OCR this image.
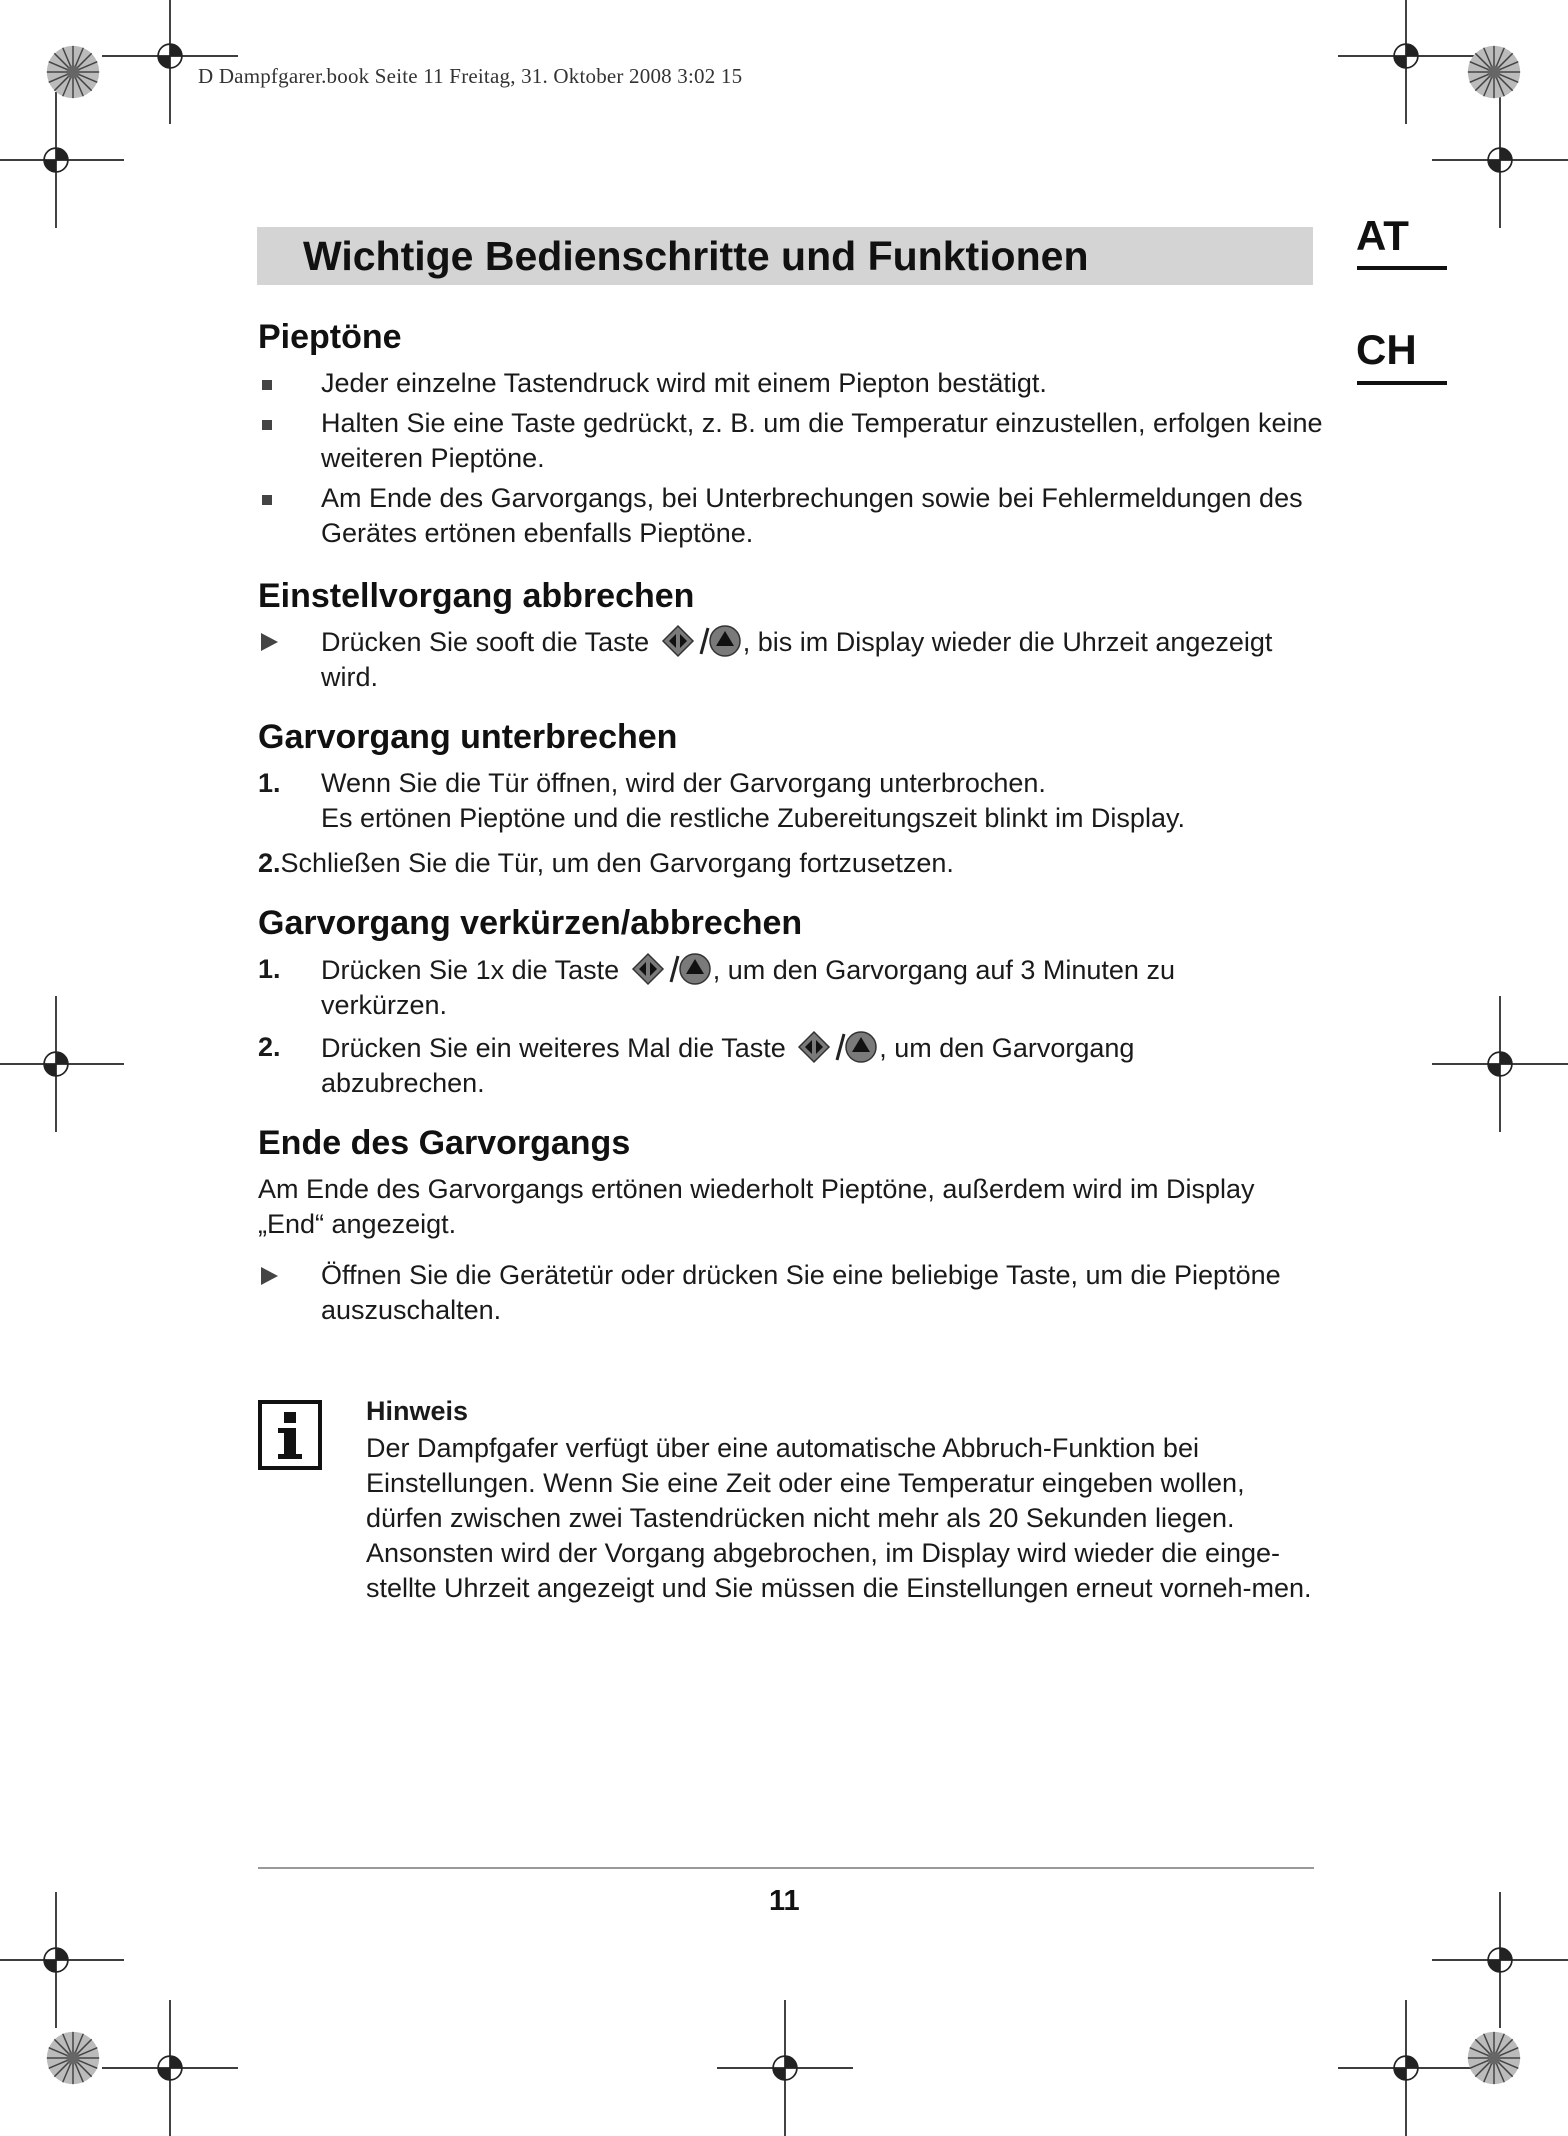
D Dampfgarer.book Seite 11 Freitag, 31. Oktober 2008 3:02 15
Wichtige Bedienschritte und Funktionen	AT
CH
Pieptöne
Jeder einzelne Tastendruck wird mit einem Piepton bestätigt.
Halten Sie eine Taste gedrückt, z. B. um die Temperatur einzustellen, erfolgen keine weiteren Pieptöne.
Am Ende des Garvorgangs, bei Unterbrechungen sowie bei Fehlermeldungen des Gerätes ertönen ebenfalls Pieptöne.
Einstellvorgang abbrechen
Drücken Sie sooft die Taste	, bis im Display wieder die Uhrzeit angezeigt wird.
Garvorgang unterbrechen
1. Wenn Sie die Tür öffnen, wird der Garvorgang unterbrochen.
Es ertönen Pieptöne und die restliche Zubereitungszeit blinkt im Display.
2.Schließen Sie die Tür, um den Garvorgang fortzusetzen.
Garvorgang verkürzen/abbrechen
1. Drücken Sie 1x die Taste	, um den Garvorgang auf 3 Minuten zu verkürzen.
2. Drücken Sie ein weiteres Mal die Taste	, um den Garvorgang abzubrechen.
Ende des Garvorgangs
Am Ende des Garvorgangs ertönen wiederholt Pieptöne, außerdem wird im Display „End“ angezeigt.
Öffnen Sie die Gerätetür oder drücken Sie eine beliebige Taste, um die Pieptöne auszuschalten.
Hinweis
Der Dampfgafer verfügt über eine automatische Abbruch-Funktion bei Einstellungen. Wenn Sie eine Zeit oder eine Temperatur eingeben wollen, dürfen zwischen zwei Tastendrücken nicht mehr als 20 Sekunden liegen. Ansonsten wird der Vorgang abgebrochen, im Display wird wieder die einge-stellte Uhrzeit angezeigt und Sie müssen die Einstellungen erneut vorneh-men.
11
